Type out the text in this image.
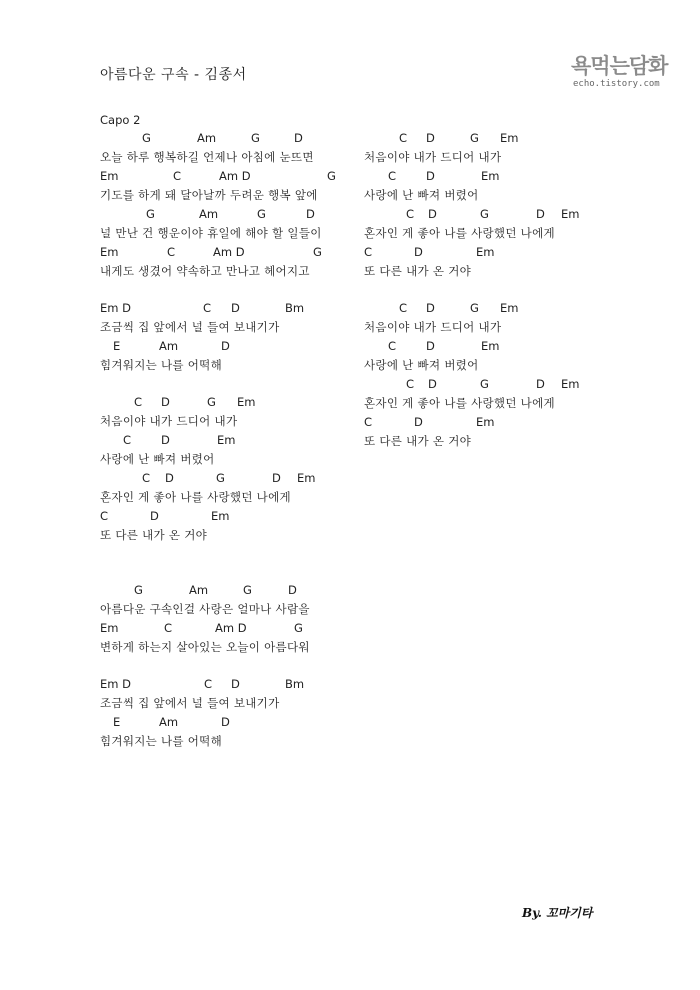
아름다운 구속 - 김종서	욕먹는담화
echo.tistory.com
Capo 2
G	Am	G	D
오늘 하루 행복하길 언제나 아침에 눈뜨면
Em	C	Am D	G
기도를 하게 돼 달아날까 두려운 행복 앞에
G	Am	G	D
널 만난 건 행운이야 휴일에 해야 할 일들이
Em	C	Am D	G
내게도 생겼어 약속하고 만나고 헤어지고
Em D	C D	Bm
조금씩 집 앞에서 널 들여 보내기가
E	Am	D
힘겨워지는 나를 어떡해
C D	G Em
처음이야 내가 드디어 내가
C	D	Em
사랑에 난 빠져 버렸어
C D	G	D Em
혼자인 게 좋아 나를 사랑했던 나에게
C	D	Em
또 다른 내가 온 거야
G	Am	G	D
아름다운 구속인걸 사랑은 얼마나 사람을
Em	C	Am D	G
변하게 하는지 살아있는 오늘이 아름다워
Em D	C D	Bm
조금씩 집 앞에서 널 들여 보내기가
E	Am	D
힘겨워지는 나를 어떡해
C D	G Em
처음이야 내가 드디어 내가
C	D	Em
사랑에 난 빠져 버렸어
C D	G	D Em
혼자인 게 좋아 나를 사랑했던 나에게
C	D	Em
또 다른 내가 온 거야
C D	G Em
처음이야 내가 드디어 내가
C	D	Em
사랑에 난 빠져 버렸어
C D	G	D Em
혼자인 게 좋아 나를 사랑했던 나에게
C	D	Em
또 다른 내가 온 거야
By. 꼬마기타
